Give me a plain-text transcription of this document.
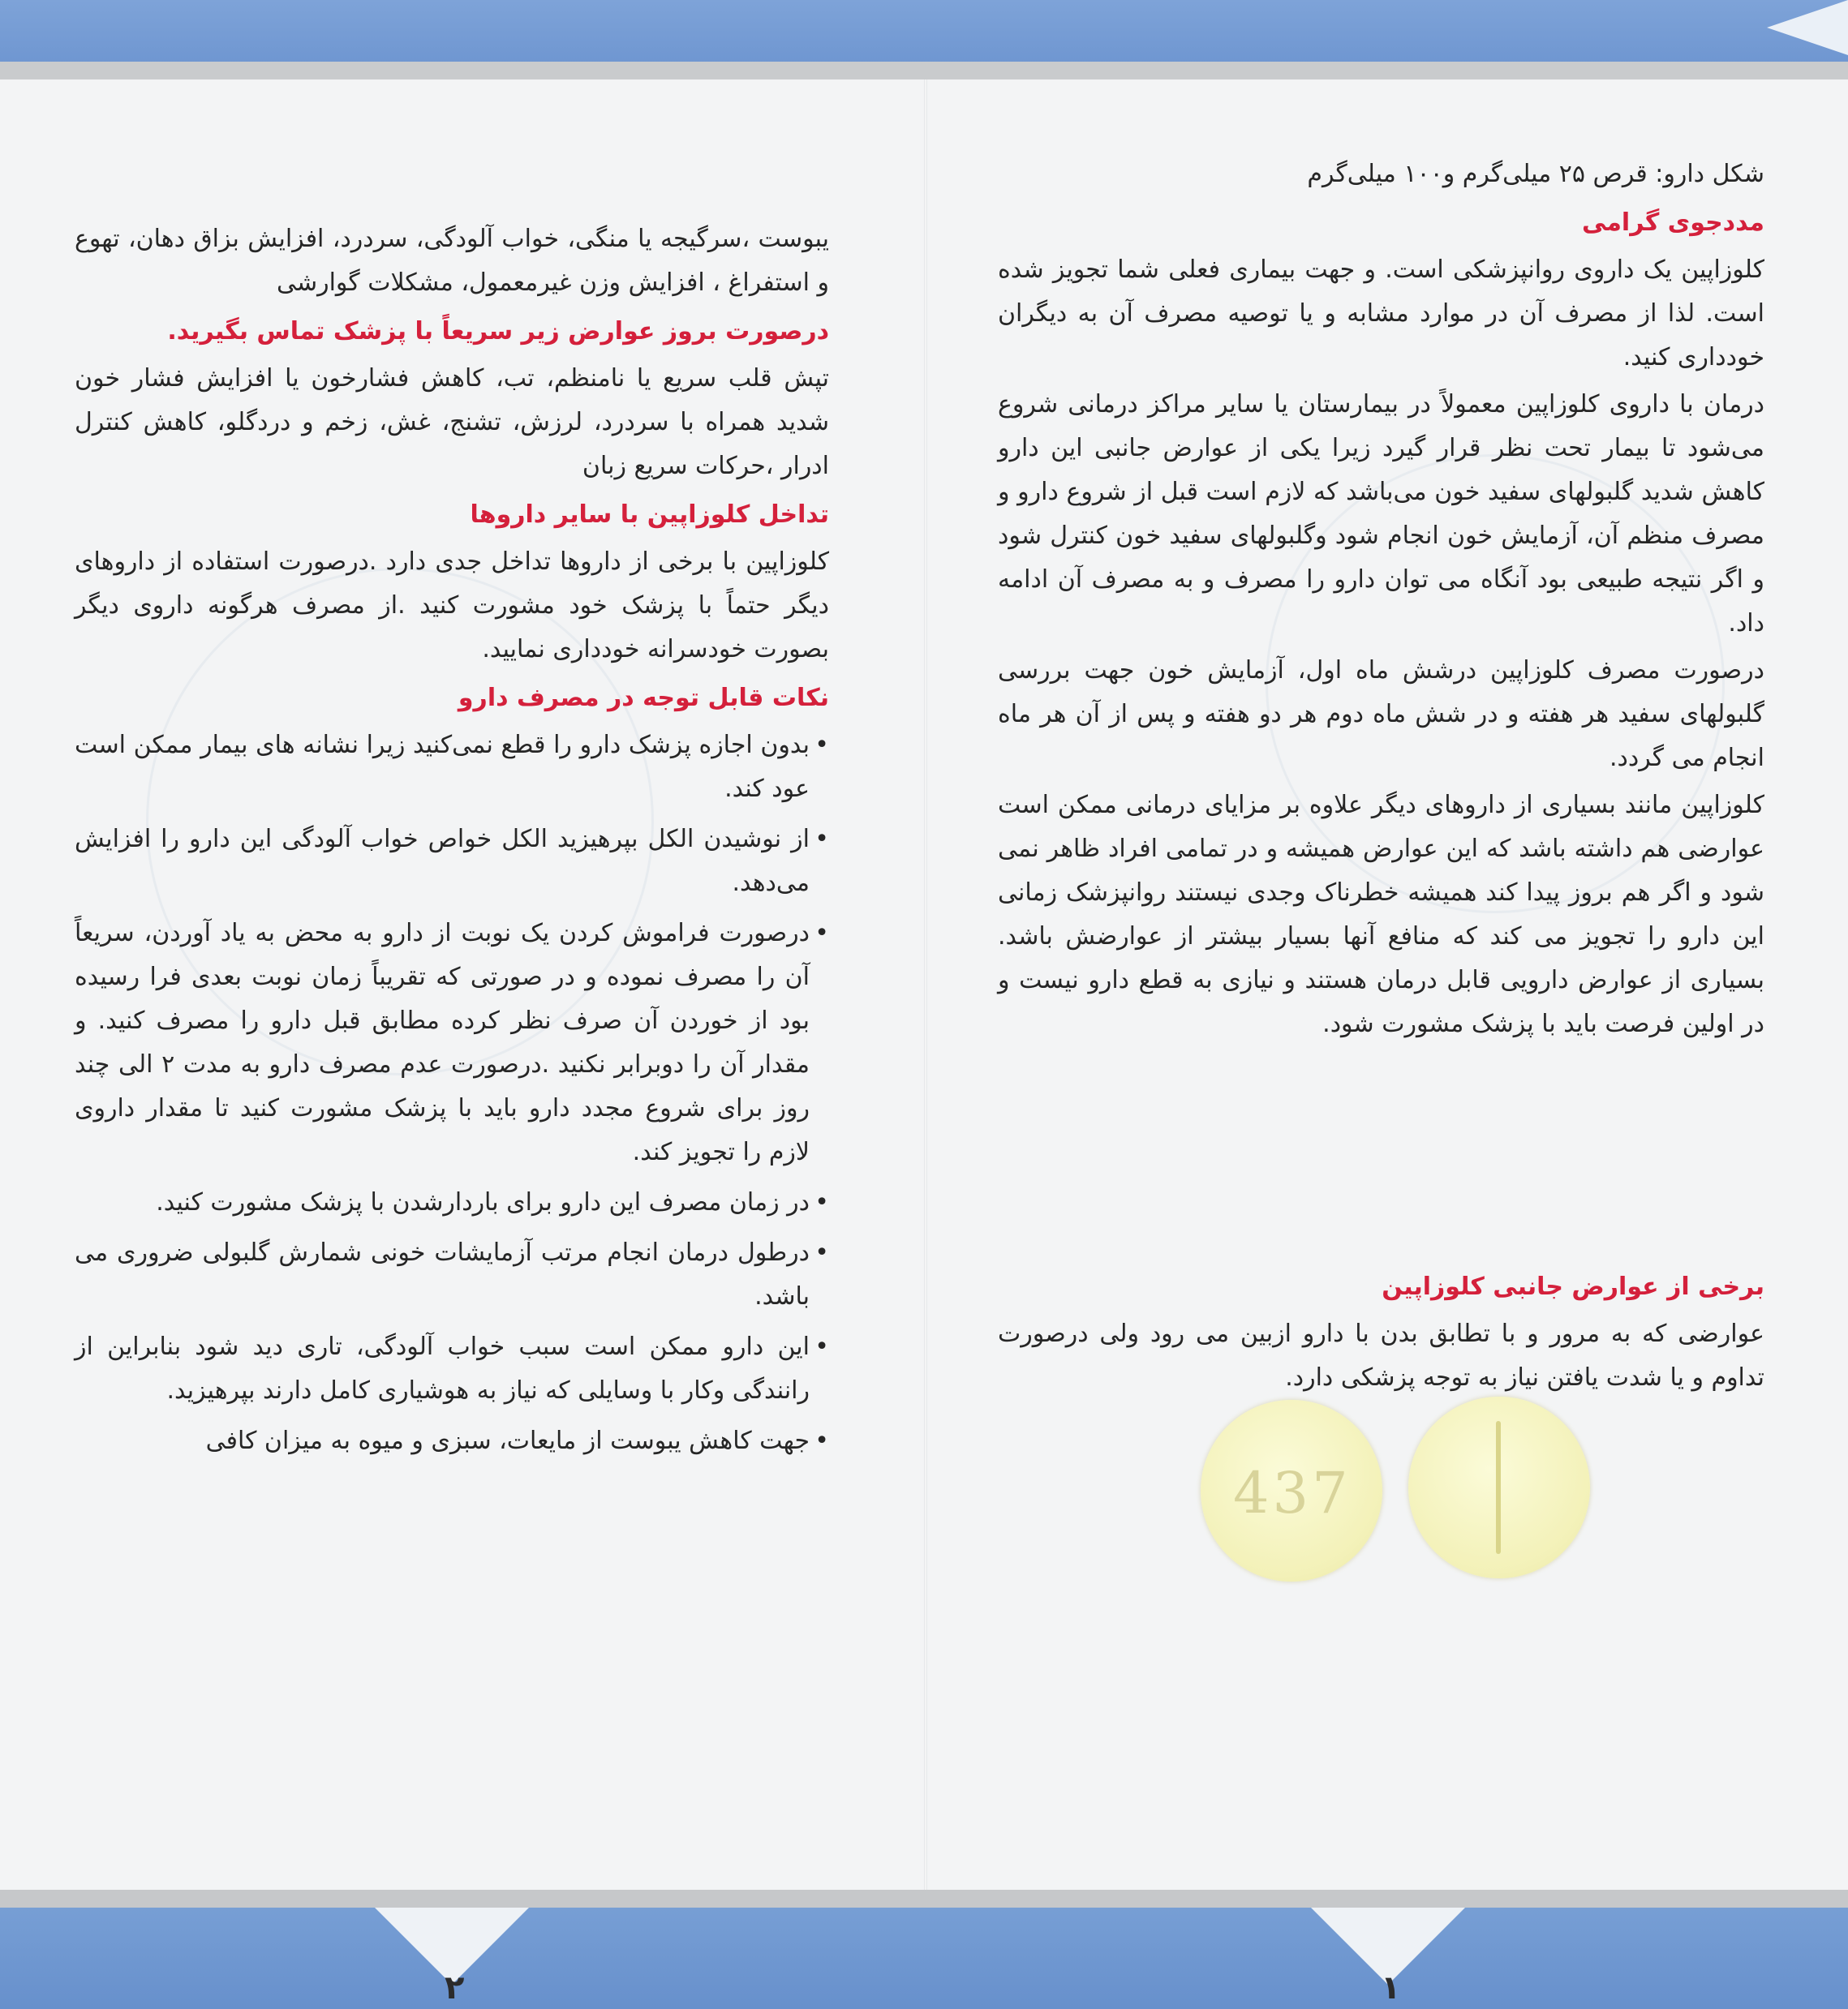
شکل دارو: قرص ۲۵ میلی‌گرم و۱۰۰ میلی‌گرم

مددجوی گرامی

کلوزاپین یک داروی روانپزشکی است. و جهت بیماری فعلی شما تجویز شده است. لذا از مصرف آن در موارد مشابه و یا توصیه مصرف آن به دیگران خودداری کنید.

درمان با داروی کلوزاپین معمولاً در بیمارستان یا سایر مراکز درمانی شروع می‌شود تا بیمار تحت نظر قرار گیرد زیرا یکی از عوارض جانبی این دارو کاهش شدید گلبولهای سفید خون می‌باشد که لازم است قبل از شروع دارو و مصرف منظم آن، آزمایش خون انجام شود وگلبولهای سفید خون کنترل شود و اگر نتیجه طبیعی بود آنگاه می توان دارو را مصرف و به مصرف آن ادامه داد.

درصورت مصرف کلوزاپین درشش ماه اول، آزمایش خون جهت بررسی گلبولهای سفید هر هفته و در شش ماه دوم هر دو هفته و پس از آن هر ماه انجام می گردد.

کلوزاپین مانند بسیاری از داروهای دیگر علاوه بر مزایای درمانی ممکن است عوارضی هم داشته باشد که این عوارض همیشه و در تمامی افراد ظاهر نمی شود و اگر هم بروز پیدا کند همیشه خطرناک وجدی نیستند روانپزشک زمانی این دارو را تجویز می کند که منافع آنها بسیار بیشتر از عوارضش باشد. بسیاری از عوارض دارویی قابل درمان هستند و نیازی به قطع دارو نیست و در اولین فرصت باید با پزشک مشورت شود.

برخی از عوارض جانبی کلوزاپین

عوارضی که به مرور و با تطابق بدن با دارو ازبین می رود ولی درصورت تداوم و یا شدت یافتن نیاز به توجه پزشکی دارد.

437

یبوست ،سرگیجه یا منگی، خواب آلودگی، سردرد، افزایش بزاق دهان، تهوع و استفراغ ، افزایش وزن غیرمعمول، مشکلات گوارشی

درصورت بروز عوارض زیر سریعاً با پزشک تماس بگیرید.

تپش قلب سریع یا نامنظم، تب، کاهش فشارخون یا افزایش فشار خون شدید همراه با سردرد، لرزش، تشنج، غش، زخم و دردگلو، کاهش کنترل ادرار ،حرکات سریع زبان

تداخل کلوزاپین با سایر داروها

کلوزاپین با برخی از داروها تداخل جدی دارد .درصورت استفاده از داروهای دیگر حتماً با پزشک خود مشورت کنید .از مصرف هرگونه داروی دیگر بصورت خودسرانه خودداری نمایید.

نکات قابل توجه در مصرف دارو
• بدون اجازه پزشک دارو را قطع نمی‌کنید زیرا نشانه های بیمار ممکن است عود کند.
• از نوشیدن الکل بپرهیزید الکل خواص خواب آلودگی این دارو را افزایش می‌دهد.
• درصورت فراموش کردن یک نوبت از دارو به محض به یاد آوردن، سریعاً آن را مصرف نموده و در صورتی که تقریباً زمان نوبت بعدی فرا رسیده بود از خوردن آن صرف نظر کرده مطابق قبل دارو را مصرف کنید. و مقدار آن را دوبرابر نکنید .درصورت عدم مصرف دارو به مدت ۲ الی چند روز برای شروع مجدد دارو باید با پزشک مشورت کنید تا مقدار داروی لازم را تجویز کند.
• در زمان مصرف این دارو برای باردارشدن با پزشک مشورت کنید.
• درطول درمان انجام مرتب آزمایشات خونی شمارش گلبولی ضروری می باشد.
• این دارو ممکن است سبب خواب آلودگی، تاری دید شود بنابراین از رانندگی وکار با وسایلی که نیاز به هوشیاری کامل دارند بپرهیزید.
• جهت کاهش یبوست از مایعات، سبزی و میوه به میزان کافی
۲	۱
